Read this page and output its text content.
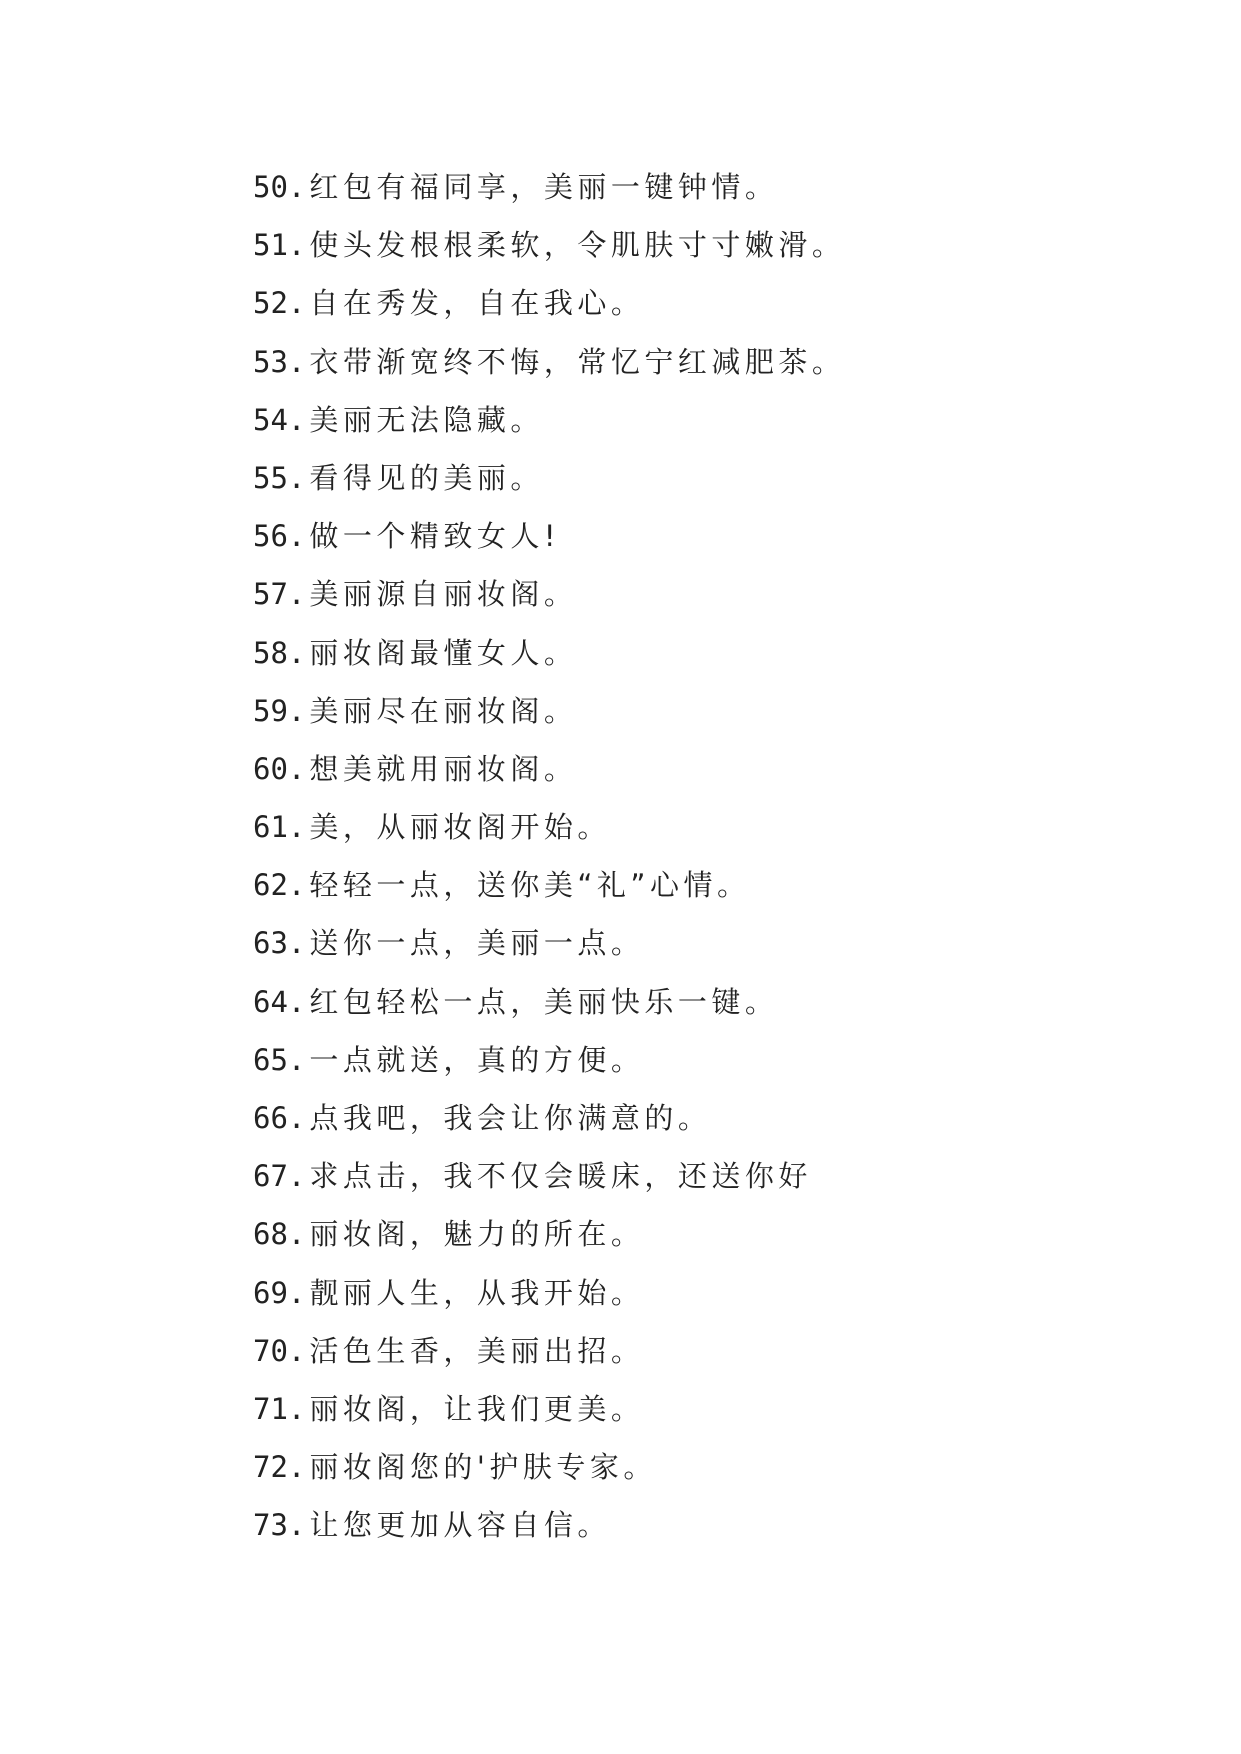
50. 红包有福同享，美丽一键钟情。
51. 使头发根根柔软，令肌肤寸寸嫩滑。
52. 自在秀发，自在我心。
53. 衣带渐宽终不悔，常忆宁红减肥茶。
54. 美丽无法隐藏。
55. 看得见的美丽。
56. 做一个精致女人!
57. 美丽源自丽妆阁。
58. 丽妆阁最懂女人。
59. 美丽尽在丽妆阁。
60. 想美就用丽妆阁。
61. 美，从丽妆阁开始。
62. 轻轻一点，送你美“礼”心情。
63. 送你一点，美丽一点。
64. 红包轻松一点，美丽快乐一键。
65. 一点就送，真的方便。
66. 点我吧，我会让你满意的。
67. 求点击，我不仅会暖床，还送你好
68. 丽妆阁，魅力的所在。
69. 靓丽人生，从我开始。
70. 活色生香，美丽出招。
71. 丽妆阁，让我们更美。
72. 丽妆阁您的'护肤专家。
73. 让您更加从容自信。
